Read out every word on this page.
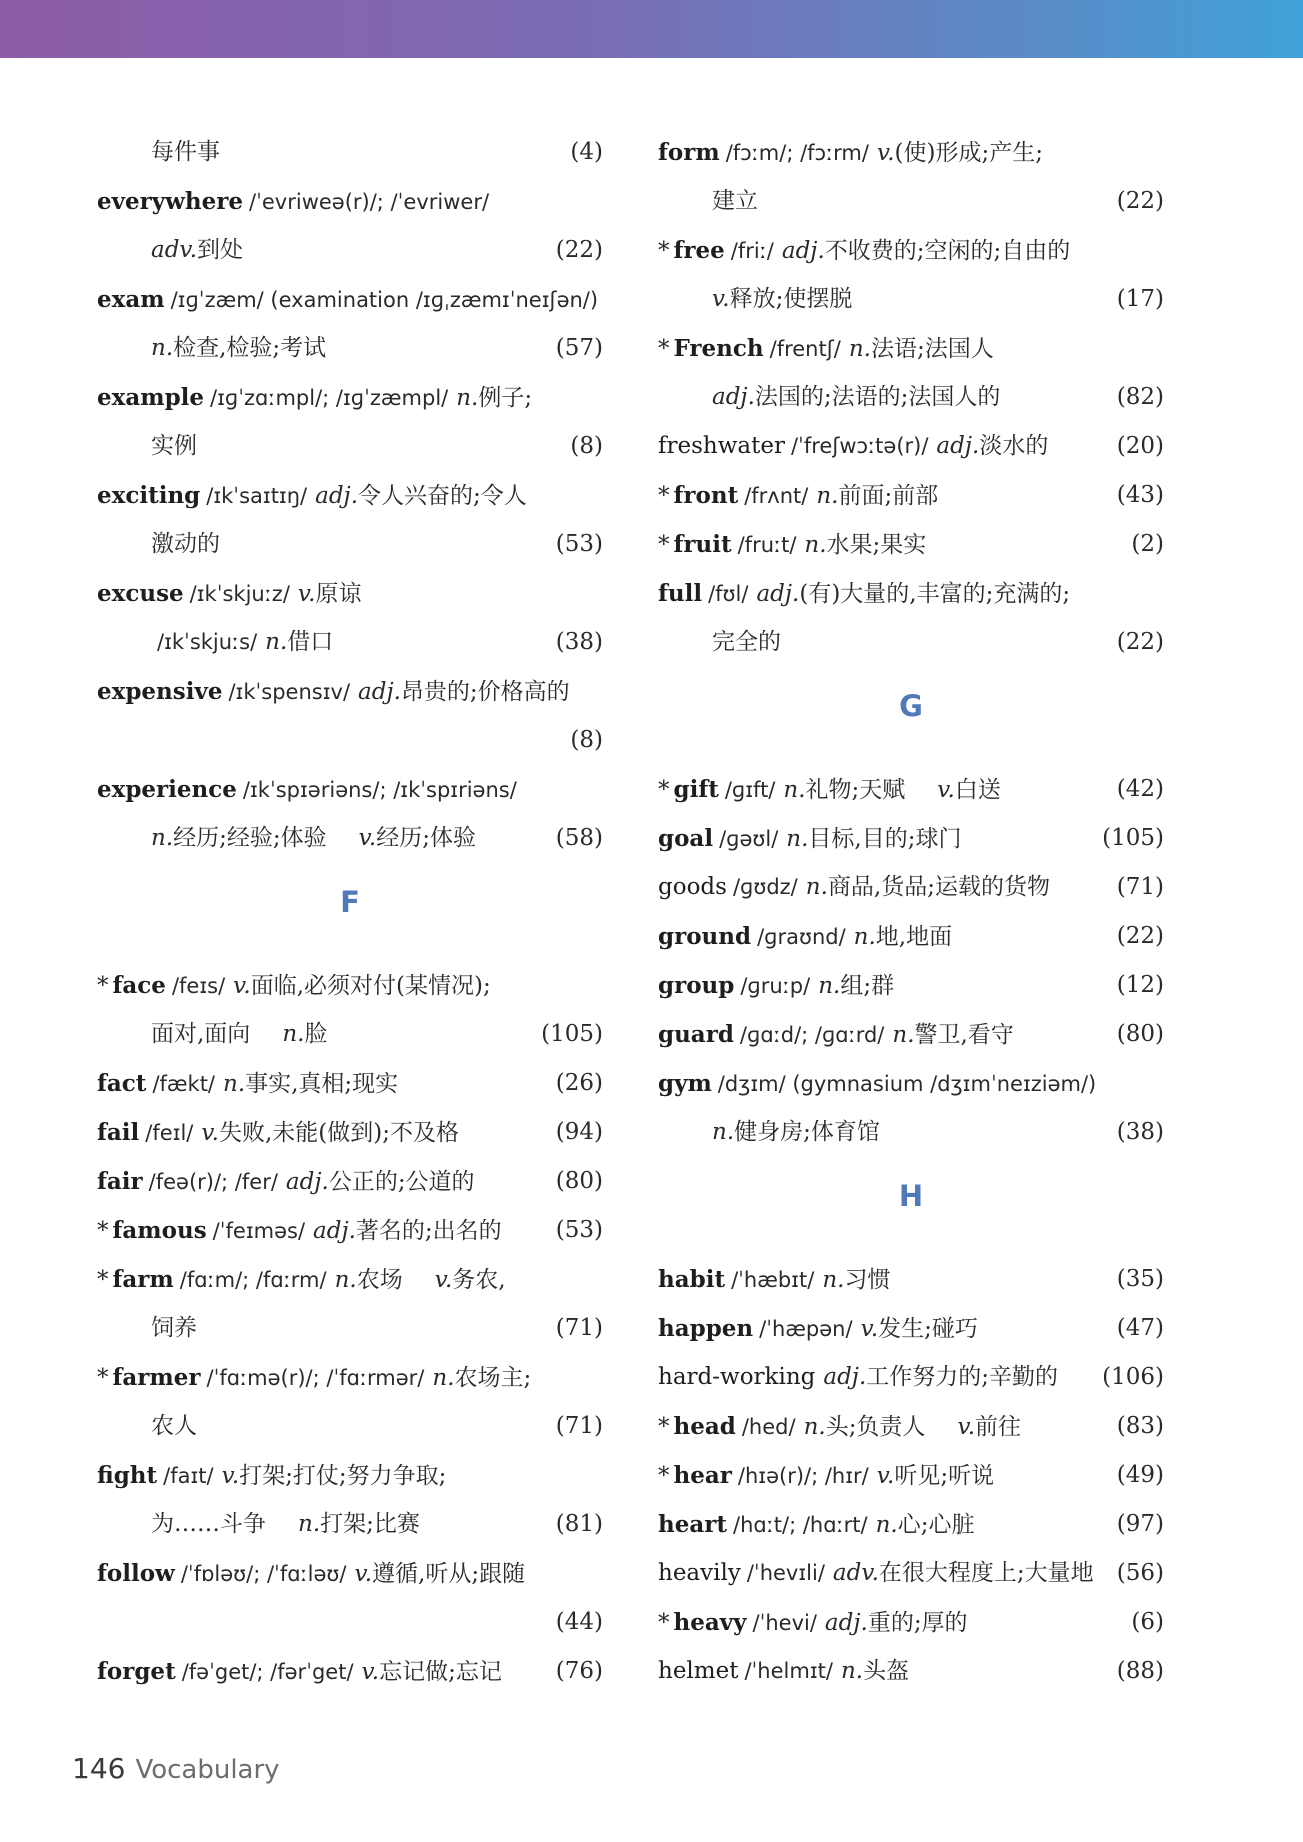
每件事	(4)
everywhere /ˈevriweə(r)/; /ˈevriwer/
adv.到处	(22)
exam /ɪɡˈzæm/ (examination /ɪɡˌzæmɪˈneɪʃən/)
n.检查,检验;考试	(57)
example /ɪɡˈzɑːmpl/; /ɪɡˈzæmpl/ n.例子;
实例	(8)
exciting /ɪkˈsaɪtɪŋ/ adj.令人兴奋的;令人
激动的	(53)
excuse /ɪkˈskjuːz/ v.原谅
/ɪkˈskjuːs/ n.借口	(38)
expensive /ɪkˈspensɪv/ adj.昂贵的;价格高的
(8)
experience /ɪkˈspɪəriəns/; /ɪkˈspɪriəns/
n.经历;经验;体验 v.经历;体验	(58)
F
* face /feɪs/ v.面临,必须对付(某情况);
面对,面向 n.脸	(105)
fact /fækt/ n.事实,真相;现实	(26)
fail /feɪl/ v.失败,未能(做到);不及格	(94)
fair /feə(r)/; /fer/ adj.公正的;公道的	(80)
* famous /ˈfeɪməs/ adj.著名的;出名的 (53)
* farm /fɑːm/; /fɑːrm/ n.农场 v.务农,
饲养	(71)
* farmer /ˈfɑːmə(r)/; /ˈfɑːrmər/ n.农场主;
农人	(71)
fight /faɪt/ v.打架;打仗;努力争取;
为……斗争 n.打架;比赛	(81)
follow /ˈfɒləʊ/; /ˈfɑːləʊ/ v.遵循,听从;跟随
(44)
forget /fəˈget/; /fərˈget/ v.忘记做;忘记 (76)
form /fɔːm/; /fɔːrm/ v.(使)形成;产生;
建立	(22)
* free /friː/ adj.不收费的;空闲的;自由的
v.释放;使摆脱	(17)
* French /frentʃ/ n.法语;法国人
adj.法国的;法语的;法国人的	(82)
freshwater /ˈfreʃwɔːtə(r)/ adj.淡水的	(20)
* front /frʌnt/ n.前面;前部	(43)
* fruit /fruːt/ n.水果;果实	(2)
full /fʊl/ adj.(有)大量的,丰富的;充满的;
完全的	(22)
G
* gift /ɡɪft/ n.礼物;天赋 v.白送	(42)
goal /ɡəʊl/ n.目标,目的;球门	(105)
goods /ɡʊdz/ n.商品,货品;运载的货物	(71)
ground /ɡraʊnd/ n.地,地面	(22)
group /ɡruːp/ n.组;群	(12)
guard /ɡɑːd/; /ɡɑːrd/ n.警卫,看守	(80)
gym /dʒɪm/ (gymnasium /dʒɪmˈneɪziəm/)
n.健身房;体育馆	(38)
H
habit /ˈhæbɪt/ n.习惯	(35)
happen /ˈhæpən/ v.发生;碰巧	(47)
hard-working adj.工作努力的;辛勤的 (106)
* head /hed/ n.头;负责人 v.前往	(83)
* hear /hɪə(r)/; /hɪr/ v.听见;听说	(49)
heart /hɑːt/; /hɑːrt/ n.心;心脏	(97)
heavily /ˈhevɪli/ adv.在很大程度上;大量地 (56)
* heavy /ˈhevi/ adj.重的;厚的	(6)
helmet /ˈhelmɪt/ n.头盔	(88)
146 Vocabulary
